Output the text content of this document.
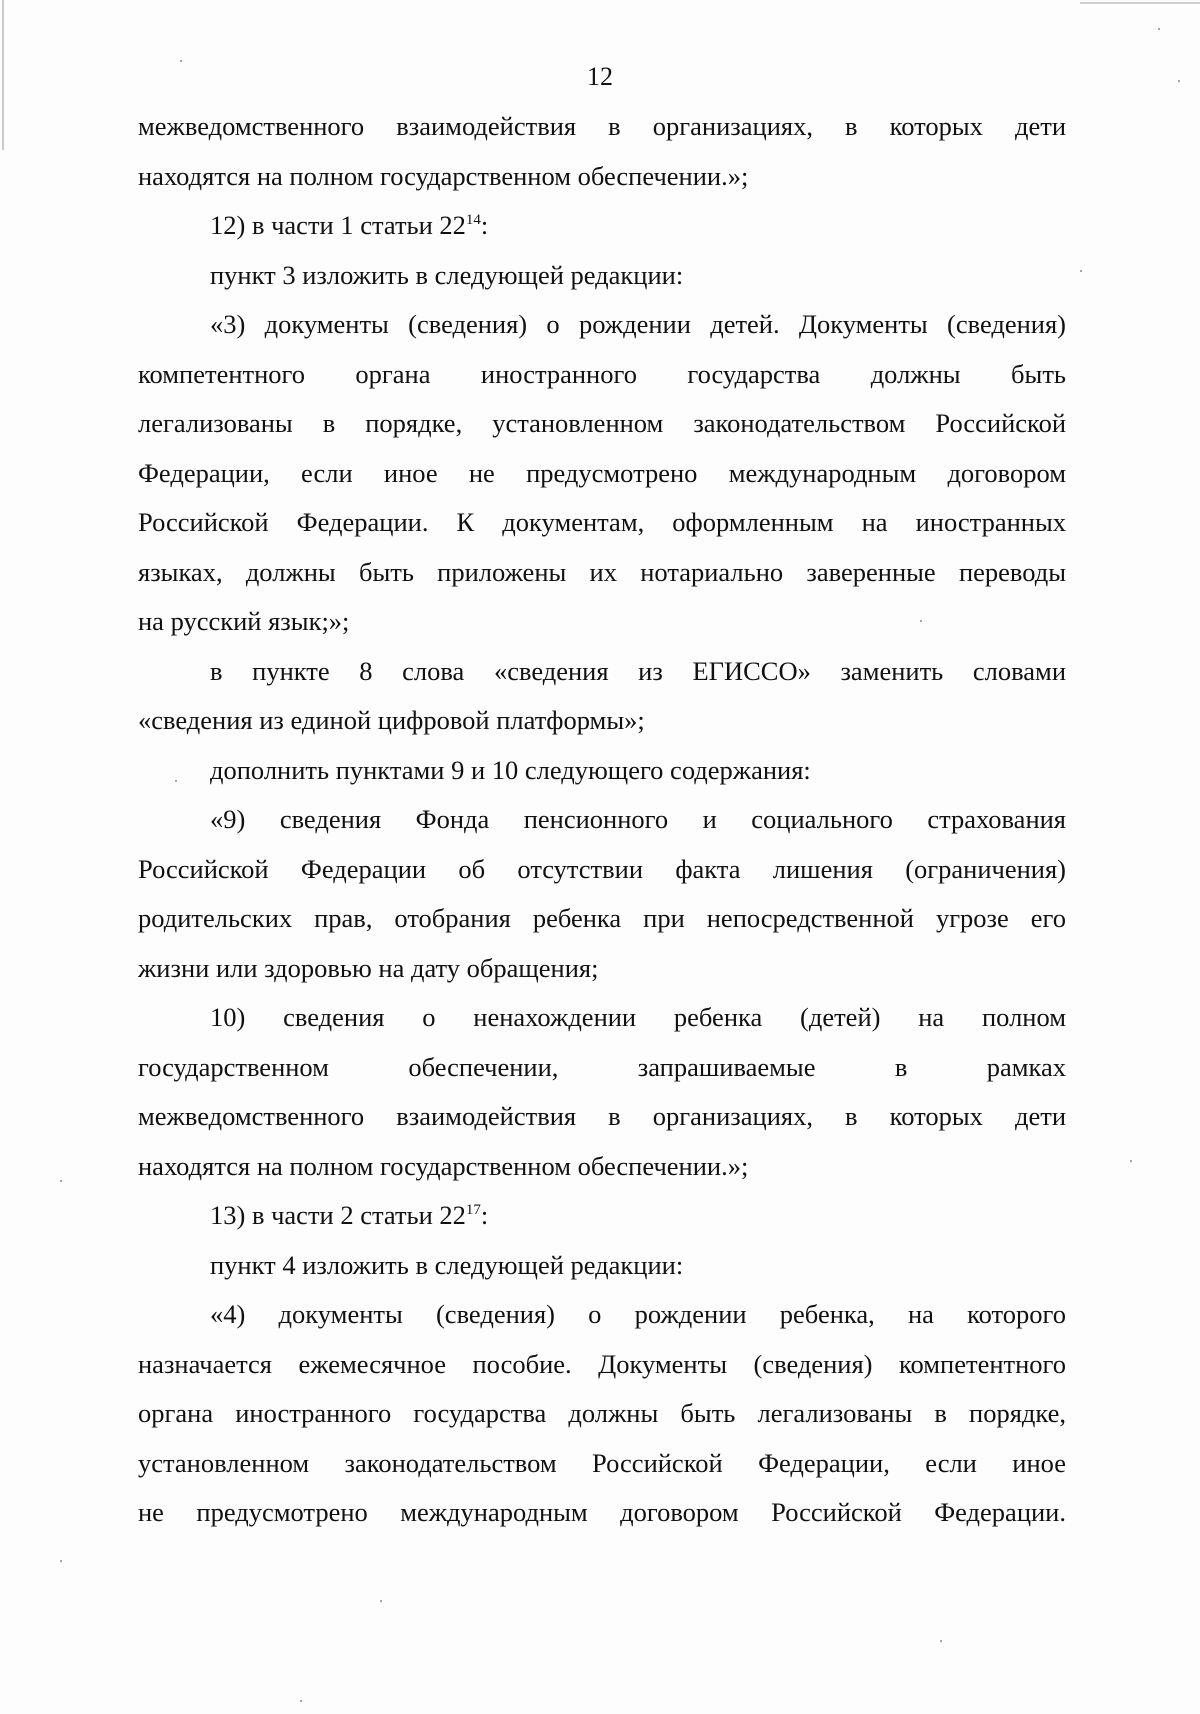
12
межведомственного взаимодействия в организациях, в которых дети
находятся на полном государственном обеспечении.»;
12) в части 1 статьи $22^{14}$:
пункт 3 изложить в следующей редакции:
«3) документы (сведения) о рождении детей. Документы (сведения)
компетентного органа иностранного государства должны быть
легализованы в порядке, установленном законодательством Российской
Федерации, если иное не предусмотрено международным договором
Российской Федерации. К документам, оформленным на иностранных
языках, должны быть приложены их нотариально заверенные переводы
на русский язык;»;
в пункте 8 слова «сведения из ЕГИССО» заменить словами
«сведения из единой цифровой платформы»;
дополнить пунктами 9 и 10 следующего содержания:
«9) сведения Фонда пенсионного и социального страхования
Российской Федерации об отсутствии факта лишения (ограничения)
родительских прав, отобрания ребенка при непосредственной угрозе его
жизни или здоровью на дату обращения;
10) сведения о ненахождении ребенка (детей) на полном
государственном обеспечении, запрашиваемые в рамках
межведомственного взаимодействия в организациях, в которых дети
находятся на полном государственном обеспечении.»;
13) в части 2 статьи $22^{17}$:
пункт 4 изложить в следующей редакции:
«4) документы (сведения) о рождении ребенка, на которого
назначается ежемесячное пособие. Документы (сведения) компетентного
органа иностранного государства должны быть легализованы в порядке,
установленном законодательством Российской Федерации, если иное
не предусмотрено международным договором Российской Федерации.
